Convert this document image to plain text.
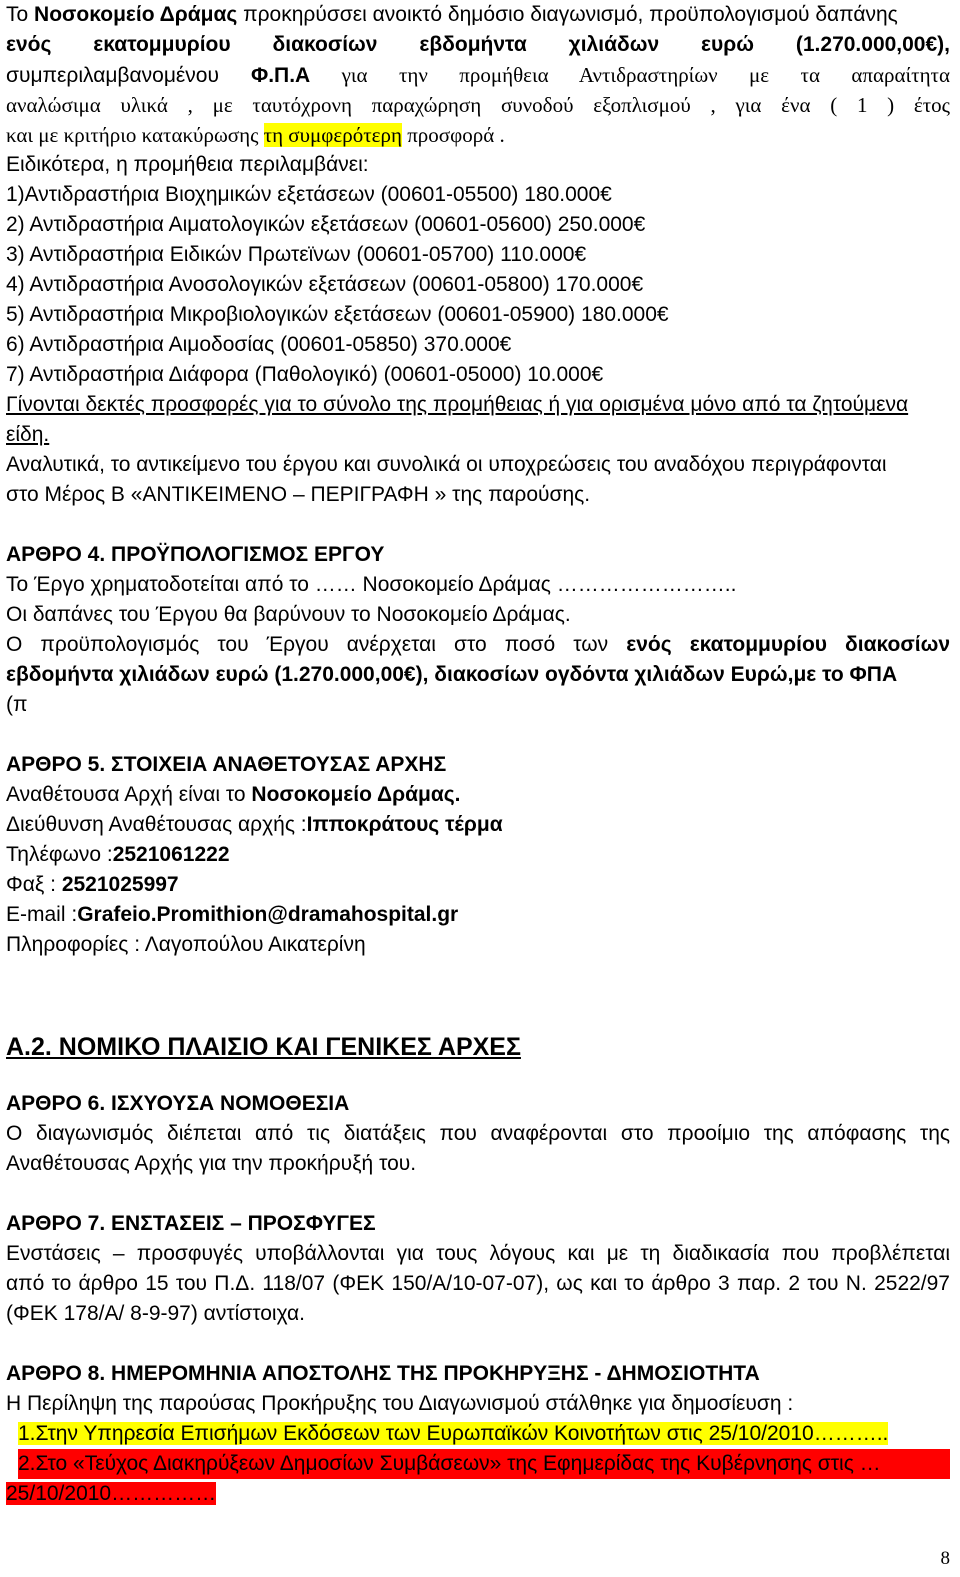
Το Νοσοκομείο Δράμας προκηρύσσει ανοικτό δημόσιο διαγωνισμό, προϋπολογισμού δαπάνης
ενός εκατομμυρίου διακοσίων εβδομήντα χιλιάδων ευρώ (1.270.000,00€),
συμπεριλαμβανομένου Φ.Π.Α για την προμήθεια Αντιδραστηρίων με τα απαραίτητα
αναλώσιμα υλικά , με ταυτόχρονη παραχώρηση συνοδού εξοπλισμού , για ένα ( 1 ) έτος
και με κριτήριο κατακύρωσης τη συμφερότερη προσφορά .
Ειδικότερα, η προμήθεια περιλαμβάνει:
1)Αντιδραστήρια Βιοχημικών εξετάσεων (00601-05500) 180.000€
2) Αντιδραστήρια Αιματολογικών εξετάσεων (00601-05600) 250.000€
3) Αντιδραστήρια Ειδικών Πρωτεϊνων (00601-05700) 110.000€
4) Αντιδραστήρια Ανοσολογικών εξετάσεων (00601-05800) 170.000€
5) Αντιδραστήρια Μικροβιολογικών εξετάσεων (00601-05900) 180.000€
6) Αντιδραστήρια Αιμοδοσίας (00601-05850) 370.000€
7) Αντιδραστήρια Διάφορα (Παθολογικό) (00601-05000) 10.000€
Γίνονται δεκτές προσφορές για το σύνολο της προμήθειας ή για ορισμένα μόνο από τα ζητούμενα
είδη.
Αναλυτικά, το αντικείμενο του έργου και συνολικά οι υποχρεώσεις του αναδόχου περιγράφονται
στο Μέρος Β «ΑΝΤΙΚΕΙΜΕΝΟ – ΠΕΡΙΓΡΑΦΗ » της παρούσης.
ΑΡΘΡΟ 4. ΠΡΟΫΠΟΛΟΓΙΣΜΟΣ ΕΡΓΟΥ
Το Έργο χρηματοδοτείται από το …… Νοσοκομείο Δράμας ……………………..
Οι δαπάνες του Έργου θα βαρύνουν το Νοσοκομείο Δράμας.
Ο προϋπολογισμός του Έργου ανέρχεται στο ποσό των ενός εκατομμυρίου διακοσίων
εβδομήντα χιλιάδων ευρώ (1.270.000,00€), διακοσίων ογδόντα χιλιάδων Ευρώ,με το ΦΠΑ
(π
ΑΡΘΡΟ 5. ΣΤΟΙΧΕΙΑ ΑΝΑΘΕΤΟΥΣΑΣ ΑΡΧΗΣ
Αναθέτουσα Αρχή είναι το Νοσοκομείο Δράμας.
Διεύθυνση Αναθέτουσας αρχής :Ιπποκράτους τέρμα
Τηλέφωνο :2521061222
Φαξ : 2521025997
E-mail :Grafeio.Promithion@dramahospital.gr
Πληροφορίες : Λαγοπούλου Αικατερίνη
Α.2. ΝΟΜΙΚΟ ΠΛΑΙΣΙΟ ΚΑΙ ΓΕΝΙΚΕΣ ΑΡΧΕΣ
ΑΡΘΡΟ 6. ΙΣΧΥΟΥΣΑ ΝΟΜΟΘΕΣΙΑ
Ο διαγωνισμός διέπεται από τις διατάξεις που αναφέρονται στο προοίμιο της απόφασης της
Αναθέτουσας Αρχής για την προκήρυξή του.
ΑΡΘΡΟ 7. ΕΝΣΤΑΣΕΙΣ – ΠΡΟΣΦΥΓΕΣ
Ενστάσεις – προσφυγές υποβάλλονται για τους λόγους και με τη διαδικασία που προβλέπεται
από το άρθρο 15 του Π.Δ. 118/07 (ΦΕΚ 150/Α/10-07-07), ως και το άρθρο 3 παρ. 2 του Ν. 2522/97
(ΦΕΚ 178/Α/ 8-9-97) αντίστοιχα.
ΑΡΘΡΟ 8. ΗΜΕΡΟΜΗΝΙΑ ΑΠΟΣΤΟΛΗΣ ΤΗΣ ΠΡΟΚΗΡΥΞΗΣ - ΔΗΜΟΣΙΟΤΗΤΑ
Η Περίληψη της παρούσας Προκήρυξης του Διαγωνισμού στάλθηκε για δημοσίευση :
1.Στην Υπηρεσία Επισήμων Εκδόσεων των Ευρωπαϊκών Κοινοτήτων στις 25/10/2010………..
2.Στο «Τεύχος Διακηρύξεων Δημοσίων Συμβάσεων» της Εφημερίδας της Κυβέρνησης στις …
25/10/2010……………
8
